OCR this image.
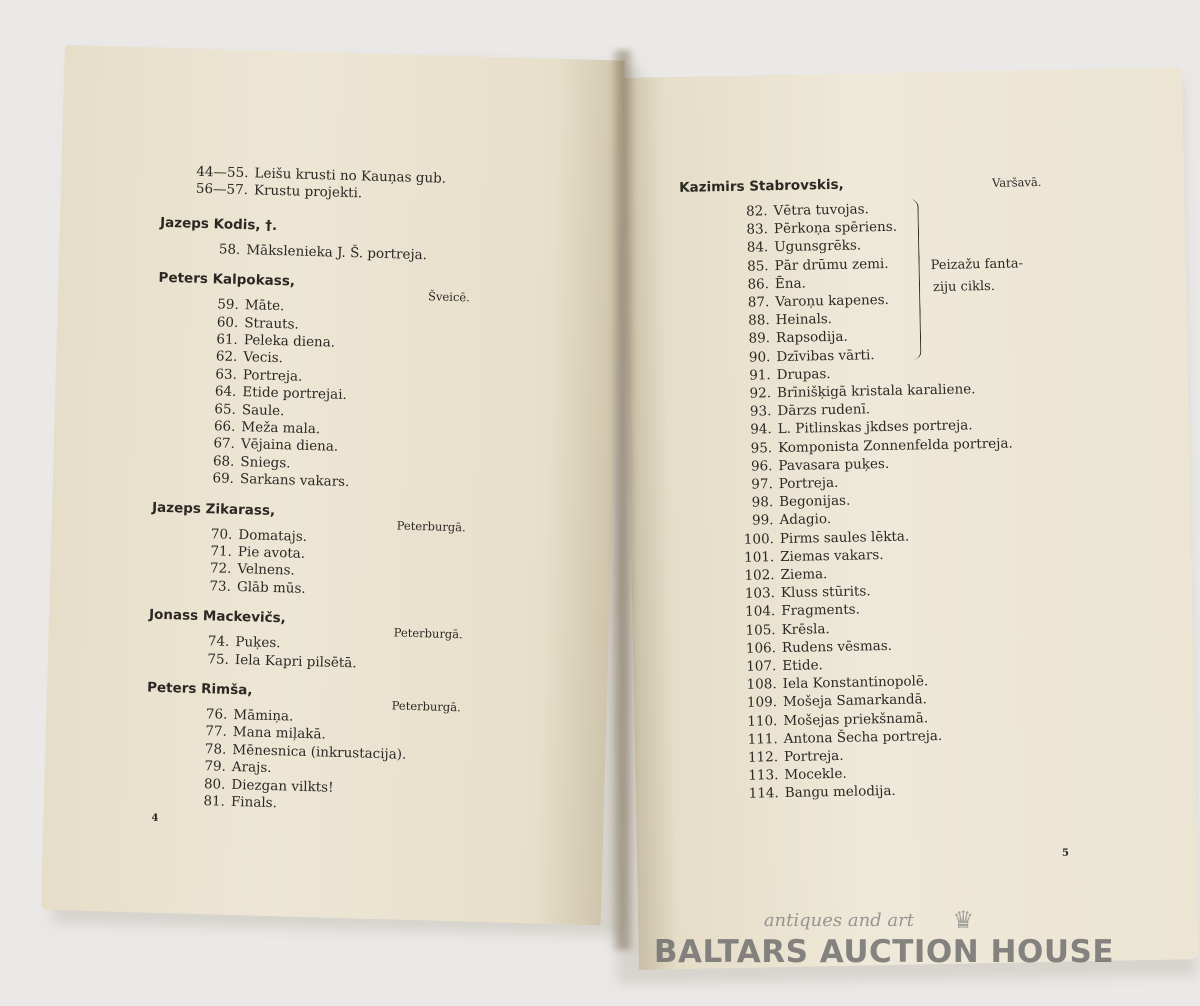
44—55. Leišu krusti no Kauņas gub.
56—57. Krustu projekti.
Jazeps Kodis, †.
58. Mākslenieka J. Š. portreja.
Peters Kalpokass,
Šveicē.
59. Māte.
60. Strauts.
61. Peleka diena.
62. Vecis.
63. Portreja.
64. Etide portrejai.
65. Saule.
66. Meža mala.
67. Vējaina diena.
68. Sniegs.
69. Sarkans vakars.
Jazeps Zikarass,
Peterburgā.
70. Domatajs.
71. Pie avota.
72. Velnens.
73. Glāb mūs.
Jonass Mackevičs,
Peterburgā.
74. Puķes.
75. Iela Kapri pilsētā.
Peters Rimša,
Peterburgā.
76. Māmiņa.
77. Mana miļakā.
78. Mēnesnica (inkrustacija).
79. Arajs.
80. Diezgan vilkts!
81. Finals.
4
Peizažu fanta-
ziju cikls.
Kazimirs Stabrovskis,	Varšavā.
82. Vētra tuvojas.
83. Pērkoņa spēriens.
84. Ugunsgrēks.
85. Pār drūmu zemi.
86. Ēna.
87. Varoņu kapenes.
88. Heinals.
89. Rapsodija.
90. Dzīvibas vārti.
91. Drupas.
92. Brīnišķigā kristala karaliene.
93. Dārzs rudenī.
94. L. Pitlinskas jkdses portreja.
95. Komponista Zonnenfelda portreja.
96. Pavasara puķes.
97. Portreja.
98. Begonijas.
99. Adagio.
100. Pirms saules lēkta.
101. Ziemas vakars.
102. Ziema.
103. Kluss stūrits.
104. Fragments.
105. Krēsla.
106. Rudens vēsmas.
107. Etide.
108. Iela Konstantinopolē.
109. Mošeja Samarkandā.
110. Mošejas priekšnamā.
111. Antona Šecha portreja.
112. Portreja.
113. Mocekle.
114. Bangu melodija.
5
antiques and art ♛
BALTARS AUCTION HOUSE
